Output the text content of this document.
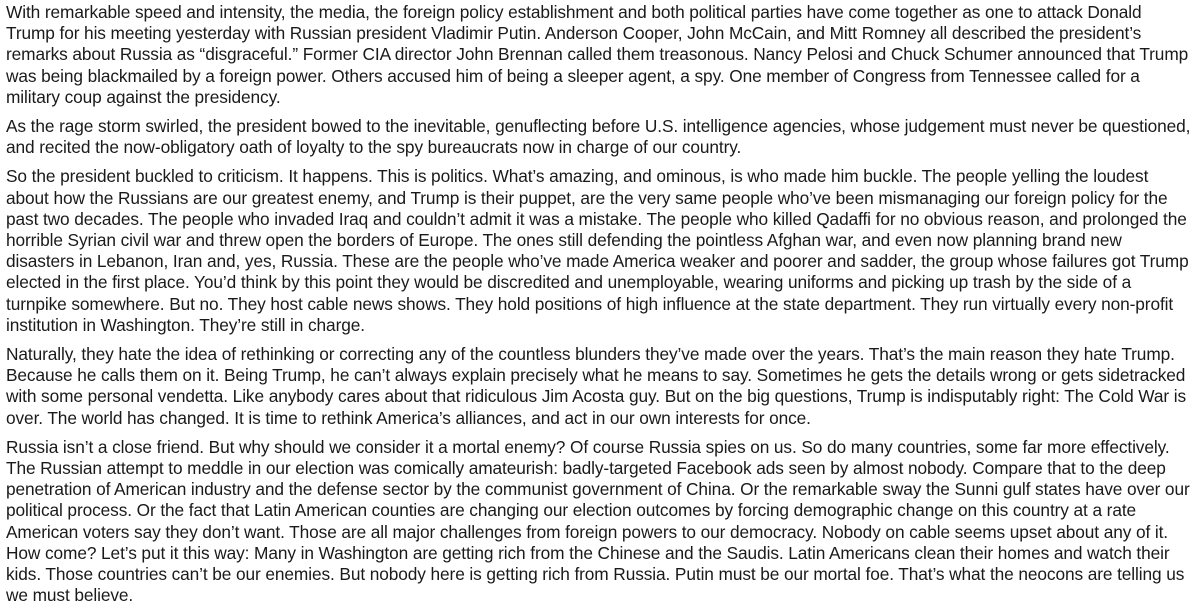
With remarkable speed and intensity, the media, the foreign policy establishment and both political parties have come together as one to attack Donald Trump for his meeting yesterday with Russian president Vladimir Putin. Anderson Cooper, John McCain, and Mitt Romney all described the president’s remarks about Russia as “disgraceful.” Former CIA director John Brennan called them treasonous. Nancy Pelosi and Chuck Schumer announced that Trump was being blackmailed by a foreign power. Others accused him of being a sleeper agent, a spy. One member of Congress from Tennessee called for a military coup against the presidency.

As the rage storm swirled, the president bowed to the inevitable, genuflecting before U.S. intelligence agencies, whose judgement must never be questioned, and recited the now-obligatory oath of loyalty to the spy bureaucrats now in charge of our country.

So the president buckled to criticism. It happens. This is politics. What’s amazing, and ominous, is who made him buckle. The people yelling the loudest about how the Russians are our greatest enemy, and Trump is their puppet, are the very same people who’ve been mismanaging our foreign policy for the past two decades. The people who invaded Iraq and couldn’t admit it was a mistake. The people who killed Qadaffi for no obvious reason, and prolonged the horrible Syrian civil war and threw open the borders of Europe. The ones still defending the pointless Afghan war, and even now planning brand new disasters in Lebanon, Iran and, yes, Russia. These are the people who’ve made America weaker and poorer and sadder, the group whose failures got Trump elected in the first place. You’d think by this point they would be discredited and unemployable, wearing uniforms and picking up trash by the side of a turnpike somewhere. But no. They host cable news shows. They hold positions of high influence at the state department. They run virtually every non-profit institution in Washington. They’re still in charge.

Naturally, they hate the idea of rethinking or correcting any of the countless blunders they’ve made over the years. That’s the main reason they hate Trump. Because he calls them on it. Being Trump, he can’t always explain precisely what he means to say. Sometimes he gets the details wrong or gets sidetracked with some personal vendetta. Like anybody cares about that ridiculous Jim Acosta guy. But on the big questions, Trump is indisputably right: The Cold War is over. The world has changed. It is time to rethink America’s alliances, and act in our own interests for once.

Russia isn’t a close friend. But why should we consider it a mortal enemy? Of course Russia spies on us. So do many countries, some far more effectively. The Russian attempt to meddle in our election was comically amateurish: badly-targeted Facebook ads seen by almost nobody. Compare that to the deep penetration of American industry and the defense sector by the communist government of China. Or the remarkable sway the Sunni gulf states have over our political process. Or the fact that Latin American counties are changing our election outcomes by forcing demographic change on this country at a rate American voters say they don’t want. Those are all major challenges from foreign powers to our democracy. Nobody on cable seems upset about any of it. How come? Let’s put it this way: Many in Washington are getting rich from the Chinese and the Saudis. Latin Americans clean their homes and watch their kids. Those countries can’t be our enemies. But nobody here is getting rich from Russia. Putin must be our mortal foe. That’s what the neocons are telling us we must believe.
